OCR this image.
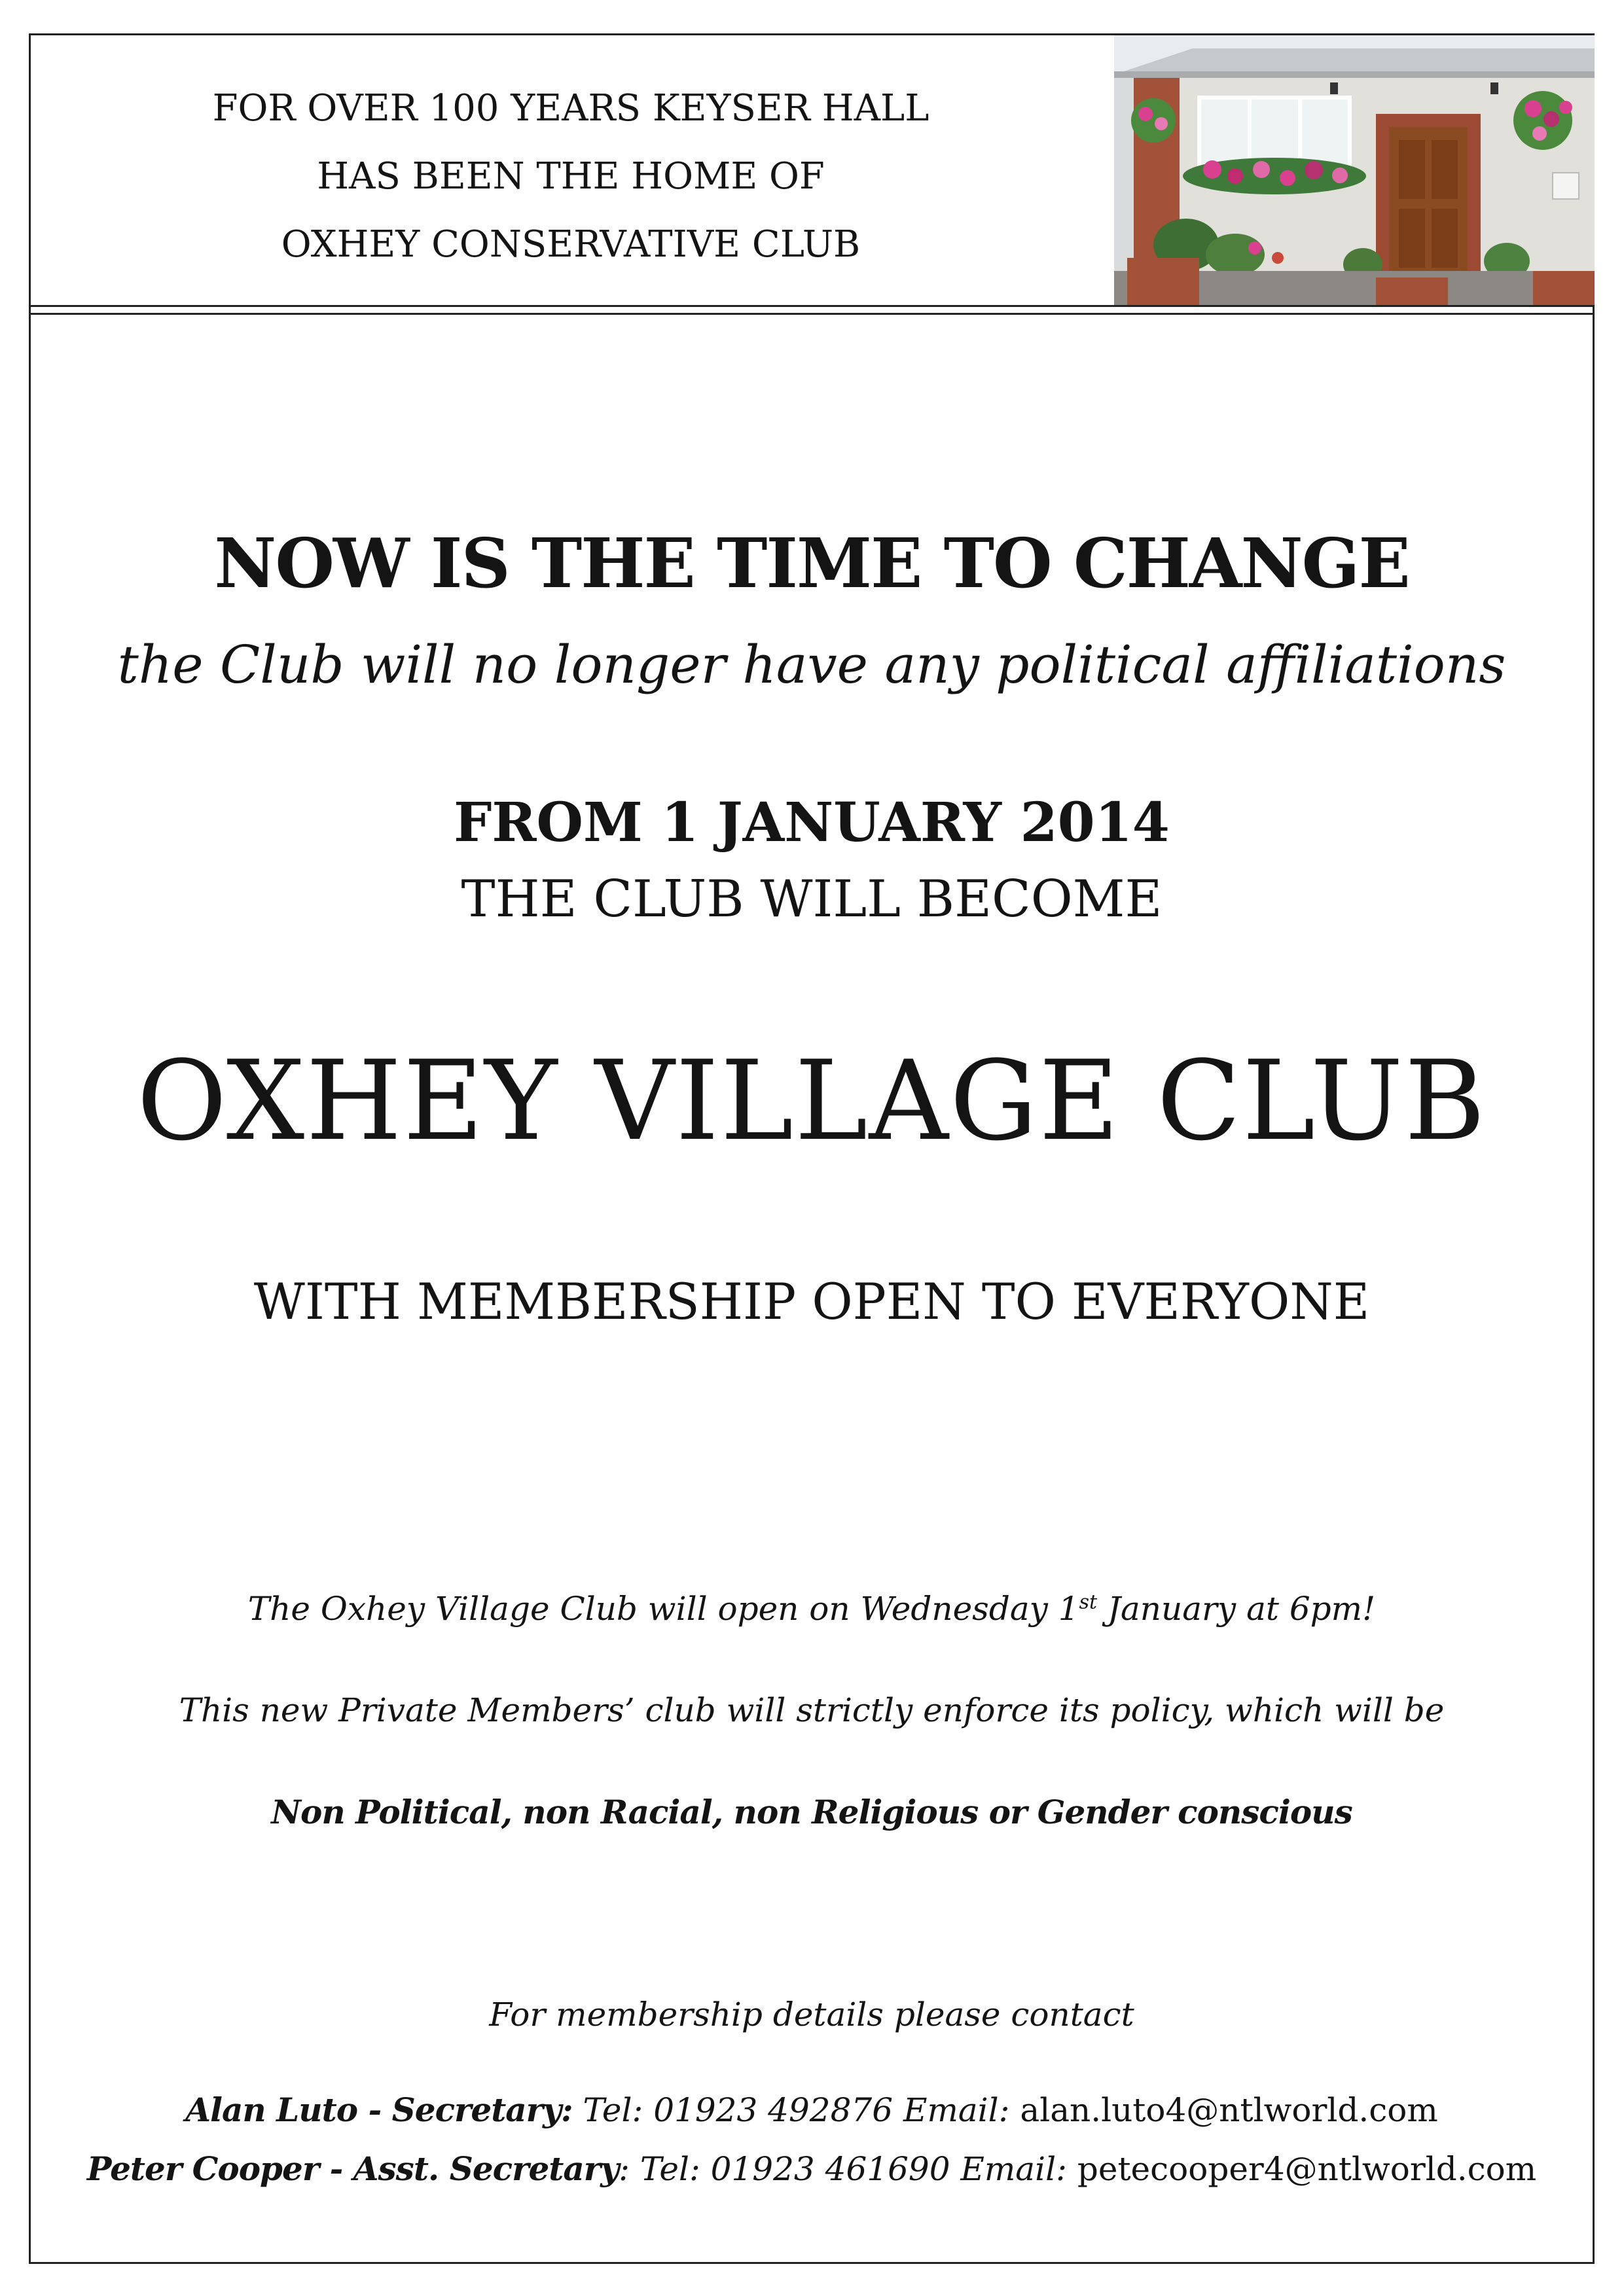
FOR OVER 100 YEARS KEYSER HALL
HAS BEEN THE HOME OF
OXHEY CONSERVATIVE CLUB
NOW IS THE TIME TO CHANGE
the Club will no longer have any political affiliations
FROM 1 JANUARY 2014
THE CLUB WILL BECOME
OXHEY VILLAGE CLUB
WITH MEMBERSHIP OPEN TO EVERYONE
The Oxhey Village Club will open on Wednesday 1st January at 6pm!
This new Private Members’ club will strictly enforce its policy, which will be
Non Political, non Racial, non Religious or Gender conscious
For membership details please contact
Alan Luto - Secretary: Tel: 01923 492876 Email: alan.luto4@ntlworld.com
Peter Cooper - Asst. Secretary: Tel: 01923 461690 Email: petecooper4@ntlworld.com
